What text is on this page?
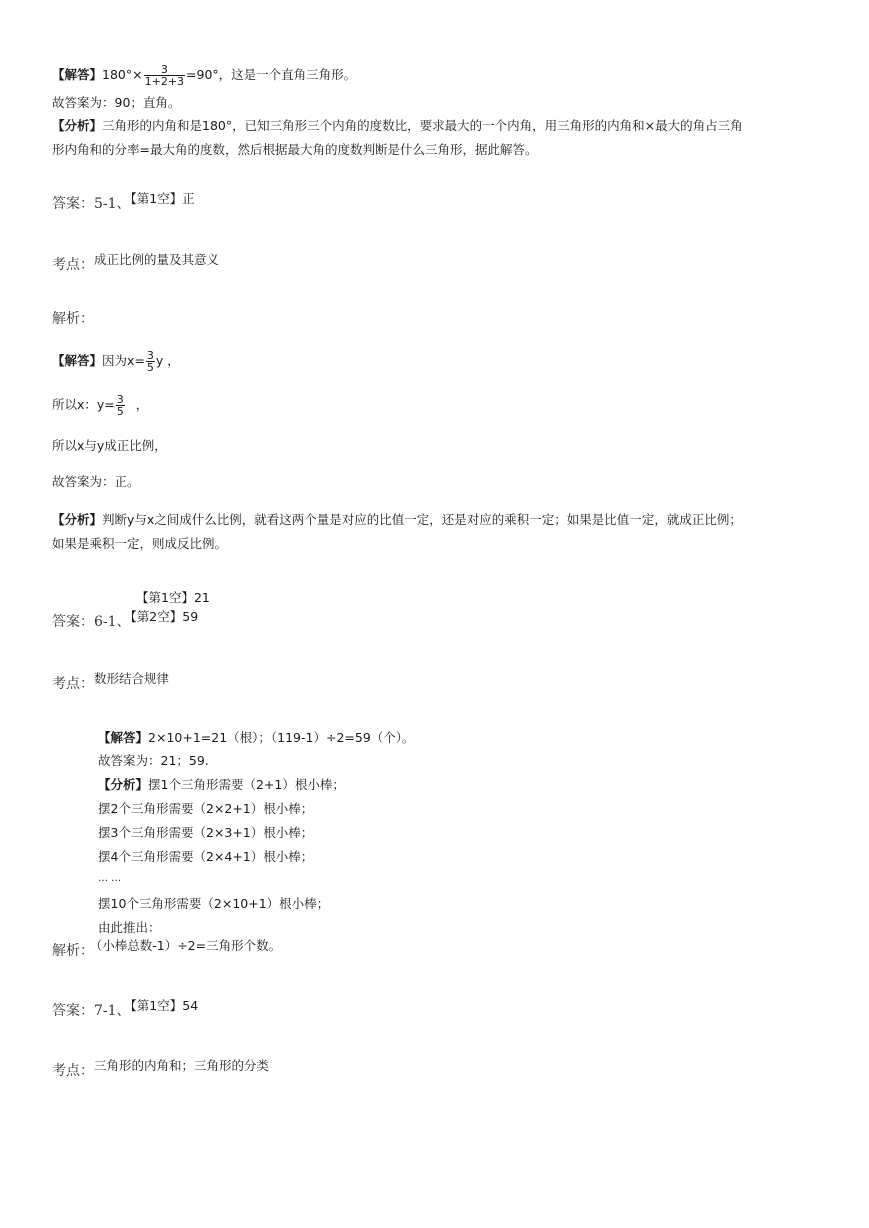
【解答】$180^\circ\times \frac{3}{1+2+3} =90^\circ$，这是一个直角三角形。
故答案为：90；直角。
【分析】三角形的内角和是180°，已知三角形三个内角的度数比，要求最大的一个内角，用三角形的内角和×最大的角占三角
形内角和的分率=最大角的度数，然后根据最大角的度数判断是什么三角形，据此解答。
答案：5-1、【第1空】正
考点：成正比例的量及其意义
解析：
【解答】因为$x= \frac{3}{5}$ y ，
所以x：$y= \frac{3}{5}$ ，
所以x与y成正比例，
故答案为：正。
【分析】判断y与x之间成什么比例，就看这两个量是对应的比值一定，还是对应的乘积一定；如果是比值一定，就成正比例；
如果是乘积一定，则成反比例。
【第1空】21
答案：6-1、【第2空】59
考点：数形结合规律
【解答】2×10+1=21（根）；（119-1）÷2=59（个）。
故答案为：21；59.
【分析】摆1个三角形需要（2+1）根小棒；
摆2个三角形需要（2×2+1）根小棒；
摆3个三角形需要（2×3+1）根小棒；
摆4个三角形需要（2×4+1）根小棒；
… …
摆10个三角形需要（2×10+1）根小棒；
由此推出：
解析： （小棒总数-1）÷2=三角形个数。
答案：7-1、【第1空】54
考点：三角形的内角和；三角形的分类
